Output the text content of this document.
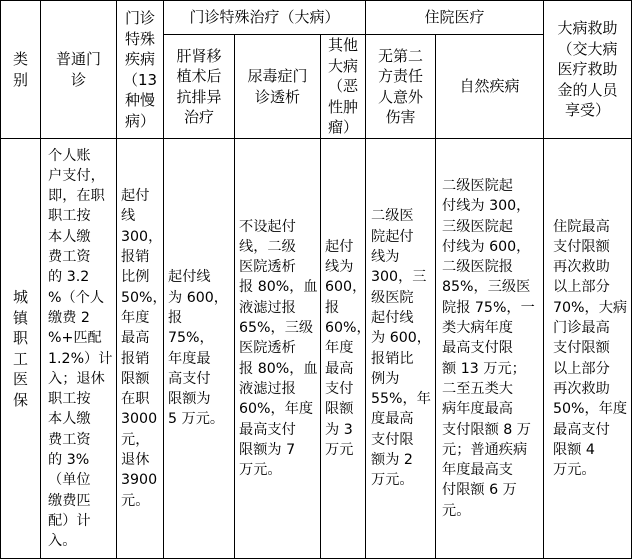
类
别
普通门
诊
门诊
特殊
疾病
（13
种慢
病）
门诊特殊治疗（大病）
肝肾移
植术后
抗排异
治疗
尿毒症门
诊透析
其他
大病
（恶
性肿
瘤）
住院医疗
无第二
方责任
人意外
伤害
自然疾病
大病救助
（交大病
医疗救助
金的人员
享受）
城
镇
职
工
医
保
个人账
户支付，
即，在职
职工按
本人缴
费工资
的 3.2
%（个人
缴费 2
%+匹配
1.2%）计
入；退休
职工按
本人缴
费工资
的 3%
（单位
缴费匹
配）计
入。
起付
线
300，
报销
比例
50%，
年度
最高
报销
限额
在职
3000
元，
退休
3900
元。
起付线
为 600，
报 75%，
年度最
高支付
限额为
5 万元。
不设起付
线，二级
医院透析
报 80%，血
液滤过报
65%，三级
医院透析
报 80%，血
液滤过报
60%，年度
最高支付
限额为 7
万元。
起付
线为
600，
报
60%，
年度
最高
支付
限额
为 3
万元
二级医
院起付
线为
300，三
级医院
起付线
为 600，
报销比
例为
55%，年
度最高
支付限
额为 2
万元。
二级医院起
付线为 300，
三级医院起
付线为 600，
二级医院报
85%，三级医
院报 75%，一
类大病年度
最高支付限
额 13 万元；
二至五类大
病年度最高
支付限额 8 万
元；普通疾病
年度最高支
付限额 6 万
元。
住院最高
支付限额
再次救助
以上部分
70%，大病
门诊最高
支付限额
以上部分
再次救助
50%，年度
最高支付
限额 4
万元。
